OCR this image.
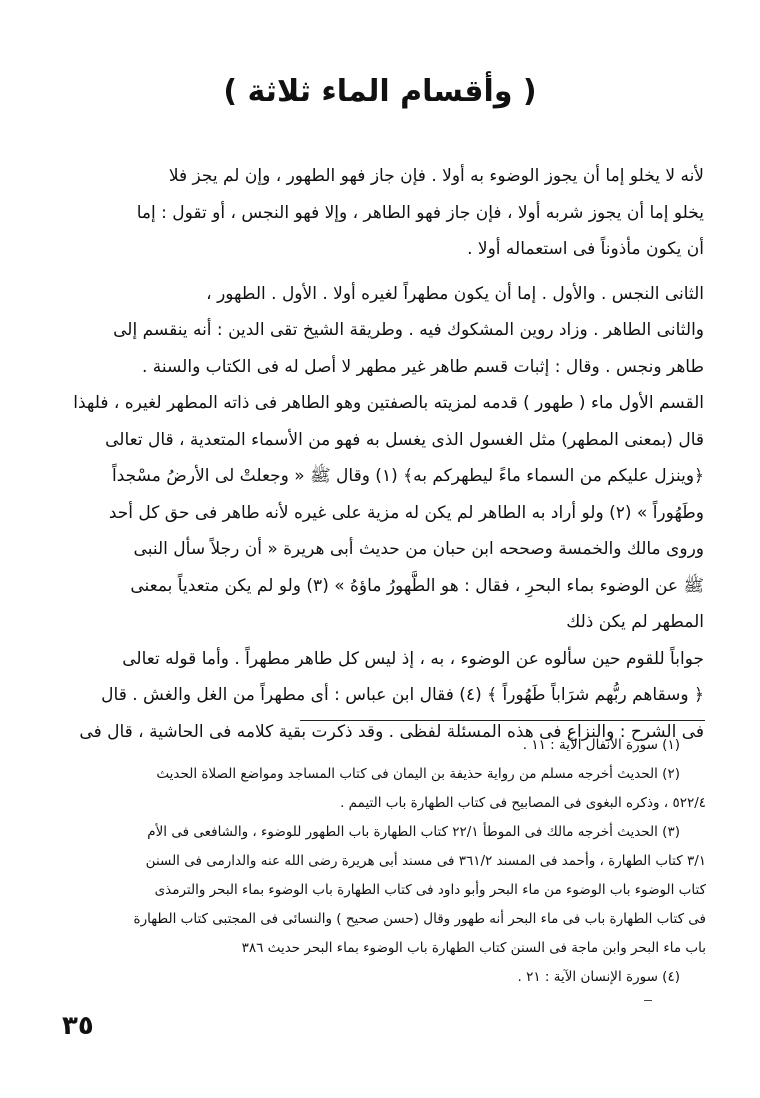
( وأقسام الماء ثلاثة )
لأنه لا يخلو إما أن يجوز الوضوء به أولا . فإن جاز فهو الطهور ، وإن لم يجز فلا
يخلو إما أن يجوز شربه أولا ، فإن جاز فهو الطاهر ، وإلا فهو النجس ، أو تقول : إما
أن يكون مأذوناً فى استعماله أولا .
الثانى النجس . والأول . إما أن يكون مطهراً لغيره أولا . الأول . الطهور ،
والثانى الطاهر . وزاد روين المشكوك فيه . وطريقة الشيخ تقى الدين : أنه ينقسم إلى
طاهر ونجس . وقال : إثبات قسم طاهر غير مطهر لا أصل له فى الكتاب والسنة .
القسم الأول ماء ( طهور ) قدمه لمزيته بالصفتين وهو الطاهر فى ذاته المطهر لغيره ، فلهذا
قال (بمعنى المطهر) مثل الغسول الذى يغسل به فهو من الأسماء المتعدية ، قال تعالى
﴿وينزل عليكم من السماء ماءً ليطهركم به﴾ (١) وقال ﷺ « وجعلتْ لى الأرضُ مسْجداً
وطَهُوراً » (٢) ولو أراد به الطاهر لم يكن له مزية على غيره لأنه طاهر فى حق كل أحد
وروى مالك والخمسة وصححه ابن حبان من حديث أبى هريرة « أن رجلاً سأل النبى
ﷺ عن الوضوء بماء البحرِ ، فقال : هو الطَّهورُ ماؤهُ » (٣) ولو لم يكن متعدياً بمعنى
المطهر لم يكن ذلك
جواباً للقوم حين سألوه عن الوضوء ، به ، إذ ليس كل طاهر مطهراً . وأما قوله تعالى
﴿ وسقاهم ربُّهم شرَاباً طَهُوراً ﴾ (٤) فقال ابن عباس : أى مطهراً من الغل والغش . قال
فى الشرح : والنزاع فى هذه المسئلة لفظى . وقد ذكرت بقية كلامه فى الحاشية ، قال فى
(١) سورة الأنفال الآية : ١١ .
(٢) الحديث أخرجه مسلم من رواية حذيفة بن اليمان فى كتاب المساجد ومواضع الصلاة الحديث
٥٢٢/٤ ، وذكره البغوى فى المصابيح فى كتاب الطهارة باب التيمم .
(٣) الحديث أخرجه مالك فى الموطأ ٢٢/١ كتاب الطهارة باب الطهور للوضوء ، والشافعى فى الأم
٣/١ كتاب الطهارة ، وأحمد فى المسند ٣٦١/٢ فى مسند أبى هريرة رضى الله عنه والدارمى فى السنن
كتاب الوضوء باب الوضوء من ماء البحر وأبو داود فى كتاب الطهارة باب الوضوء بماء البحر والترمذى
فى كتاب الطهارة باب فى ماء البحر أنه طهور وقال (حسن صحيح ) والنسائى فى المجتبى كتاب الطهارة
باب ماء البحر وابن ماجة فى السنن كتاب الطهارة باب الوضوء بماء البحر حديث ٣٨٦
(٤) سورة الإنسان الآية : ٢١ .
٣٥
